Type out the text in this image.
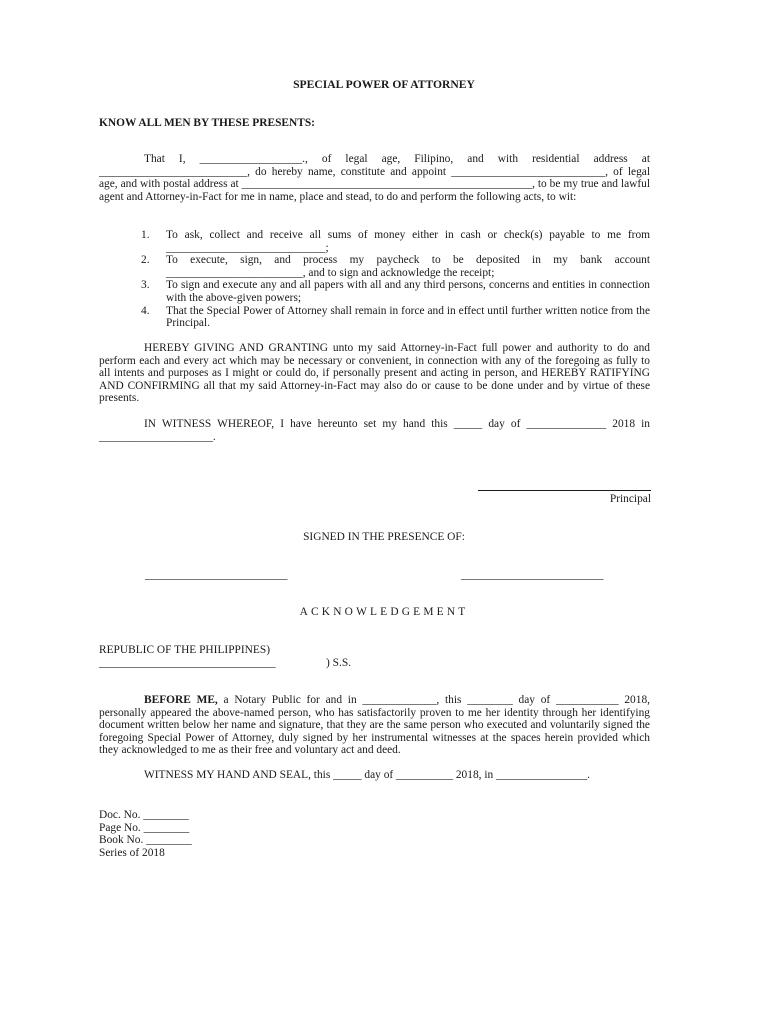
SPECIAL POWER OF ATTORNEY
KNOW ALL MEN BY THESE PRESENTS:
That I, __________________., of legal age, Filipino, and with residential address at __________________________, do hereby name, constitute and appoint ___________________________, of legal age, and with postal address at ___________________________________________________, to be my true and lawful agent and Attorney-in-Fact for me in name, place and stead, to do and perform the following acts, to wit:
1. To ask, collect and receive all sums of money either in cash or check(s) payable to me from ____________________________;
2. To execute, sign, and process my paycheck to be deposited in my bank account ________________________, and to sign and acknowledge the receipt;
3. To sign and execute any and all papers with all and any third persons, concerns and entities in connection with the above-given powers;
4. That the Special Power of Attorney shall remain in force and in effect until further written notice from the Principal.
HEREBY GIVING AND GRANTING unto my said Attorney-in-Fact full power and authority to do and perform each and every act which may be necessary or convenient, in connection with any of the foregoing as fully to all intents and purposes as I might or could do, if personally present and acting in person, and HEREBY RATIFYING AND CONFIRMING all that my said Attorney-in-Fact may also do or cause to be done under and by virtue of these presents.
IN WITNESS WHEREOF, I have hereunto set my hand this _____ day of ______________ 2018 in ____________________.
Principal
SIGNED IN THE PRESENCE OF:
_________________________	_________________________
ACKNOWLEDGEMENT
REPUBLIC OF THE PHILIPPINES)
_______________________________	) S.S.
BEFORE ME, a Notary Public for and in _____________, this ________ day of ___________ 2018, personally appeared the above-named person, who has satisfactorily proven to me her identity through her identifying document written below her name and signature, that they are the same person who executed and voluntarily signed the foregoing Special Power of Attorney, duly signed by her instrumental witnesses at the spaces herein provided which they acknowledged to me as their free and voluntary act and deed.
WITNESS MY HAND AND SEAL, this _____ day of __________ 2018, in ________________.
Doc. No. ________
Page No. ________
Book No. ________
Series of 2018
